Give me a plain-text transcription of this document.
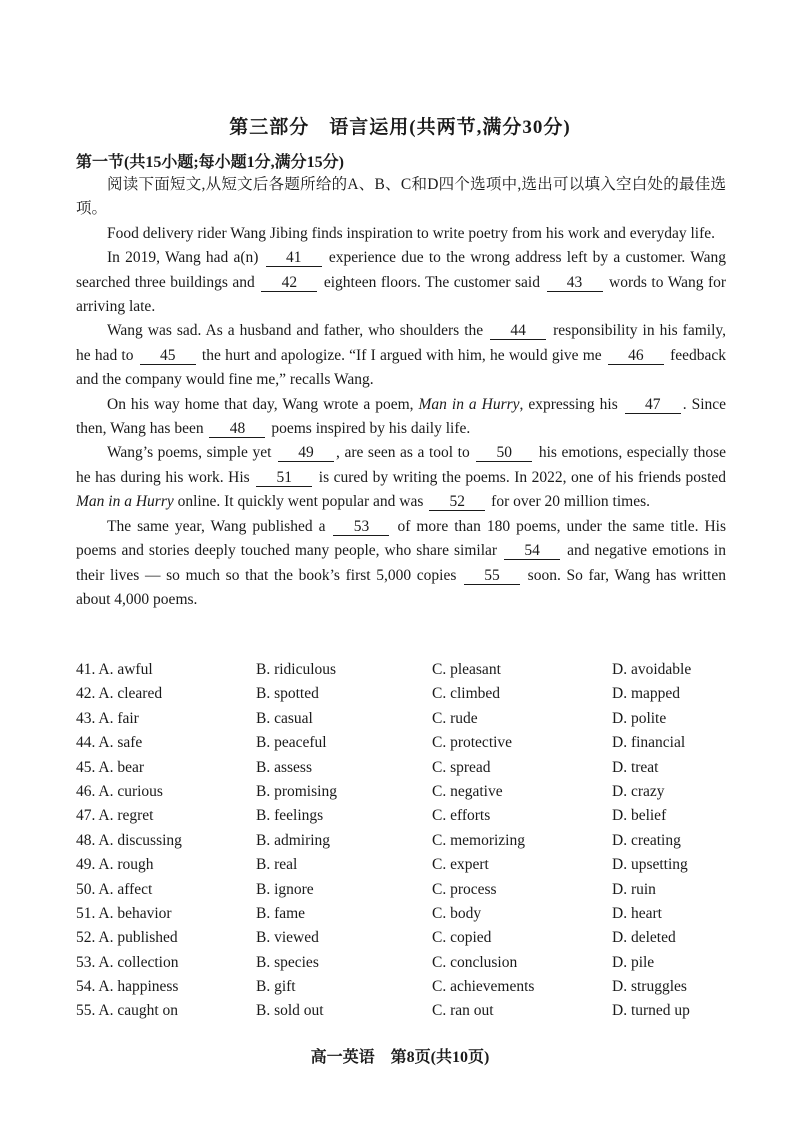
第三部分　语言运用(共两节,满分30分)
第一节(共15小题;每小题1分,满分15分)

阅读下面短文,从短文后各题所给的A、B、C和D四个选项中,选出可以填入空白处的最佳选项。

Food delivery rider Wang Jibing finds inspiration to write poetry from his work and everyday life.

In 2019, Wang had a(n) 41 experience due to the wrong address left by a customer. Wang searched three buildings and 42 eighteen floors. The customer said 43 words to Wang for arriving late.

Wang was sad. As a husband and father, who shoulders the 44 responsibility in his family, he had to 45 the hurt and apologize. “If I argued with him, he would give me 46 feedback and the company would fine me,” recalls Wang.

On his way home that day, Wang wrote a poem, Man in a Hurry, expressing his 47 . Since then, Wang has been 48 poems inspired by his daily life.

Wang’s poems, simple yet 49 , are seen as a tool to 50 his emotions, especially those he has during his work. His 51 is cured by writing the poems. In 2022, one of his friends posted Man in a Hurry online. It quickly went popular and was 52 for over 20 million times.

The same year, Wang published a 53 of more than 180 poems, under the same title. His poems and stories deeply touched many people, who share similar 54 and negative emotions in their lives — so much so that the book’s first 5,000 copies 55 soon. So far, Wang has written about 4,000 poems.

41. A. awful	B. ridiculous	C. pleasant	D. avoidable
42. A. cleared	B. spotted	C. climbed	D. mapped
43. A. fair	B. casual	C. rude	D. polite
44. A. safe	B. peaceful	C. protective	D. financial
45. A. bear	B. assess	C. spread	D. treat
46. A. curious	B. promising	C. negative	D. crazy
47. A. regret	B. feelings	C. efforts	D. belief
48. A. discussing	B. admiring	C. memorizing	D. creating
49. A. rough	B. real	C. expert	D. upsetting
50. A. affect	B. ignore	C. process	D. ruin
51. A. behavior	B. fame	C. body	D. heart
52. A. published	B. viewed	C. copied	D. deleted
53. A. collection	B. species	C. conclusion	D. pile
54. A. happiness	B. gift	C. achievements	D. struggles
55. A. caught on	B. sold out	C. ran out	D. turned up
高一英语　第8页(共10页)
